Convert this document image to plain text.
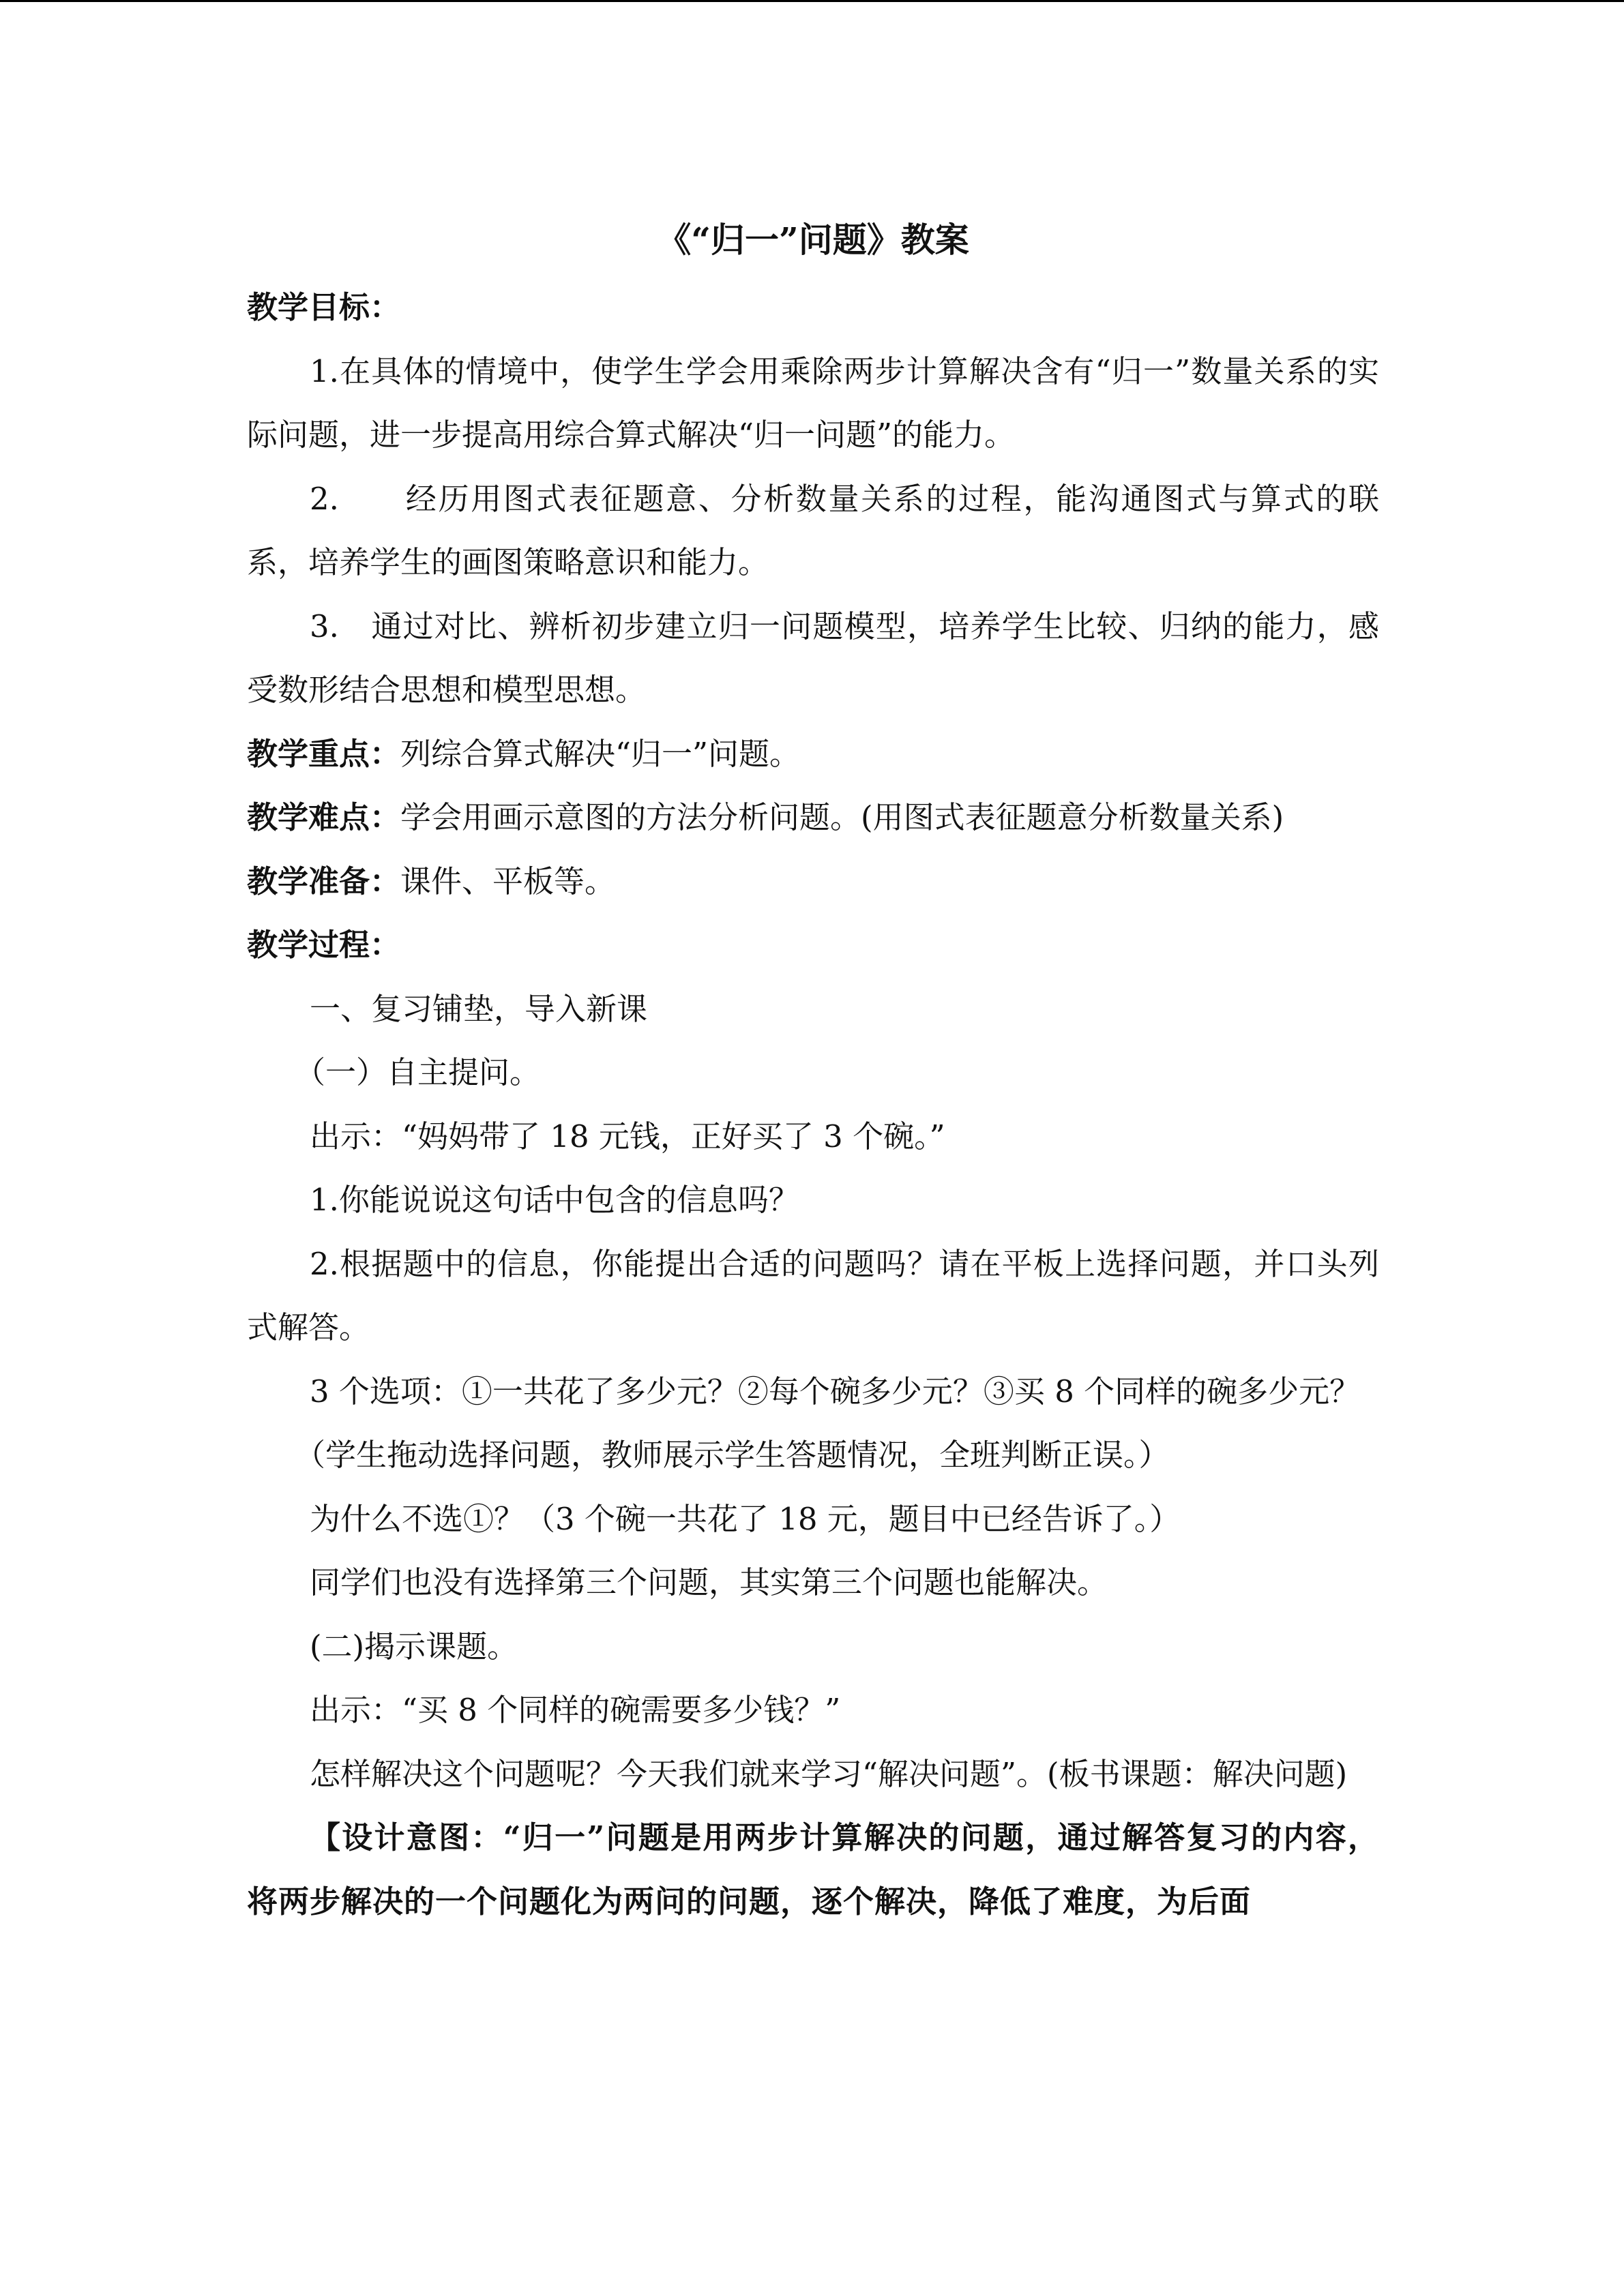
《“归一”问题》教案

教学目标：

1.在具体的情境中，使学生学会用乘除两步计算解决含有“归一”数量关系的实际问题，进一步提高用综合算式解决“归一问题”的能力。

2.　　经历用图式表征题意、分析数量关系的过程，能沟通图式与算式的联系，培养学生的画图策略意识和能力。

3.　通过对比、辨析初步建立归一问题模型，培养学生比较、归纳的能力，感受数形结合思想和模型思想。

教学重点：列综合算式解决“归一”问题。

教学难点：学会用画示意图的方法分析问题。(用图式表征题意分析数量关系)

教学准备：课件、平板等。

教学过程：

一、复习铺垫，导入新课

（一）自主提问。

出示：“妈妈带了 18 元钱，正好买了 3 个碗。”

1.你能说说这句话中包含的信息吗？

2.根据题中的信息，你能提出合适的问题吗？请在平板上选择问题，并口头列式解答。

3 个选项：①一共花了多少元？②每个碗多少元？③买 8 个同样的碗多少元？

（学生拖动选择问题，教师展示学生答题情况，全班判断正误。）

为什么不选①？（3 个碗一共花了 18 元，题目中已经告诉了。）

同学们也没有选择第三个问题，其实第三个问题也能解决。

(二)揭示课题。

出示：“买 8 个同样的碗需要多少钱？”

怎样解决这个问题呢？今天我们就来学习“解决问题”。(板书课题：解决问题)

【设计意图：“归一”问题是用两步计算解决的问题，通过解答复习的内容，将两步解决的一个问题化为两问的问题，逐个解决，降低了难度，为后面
